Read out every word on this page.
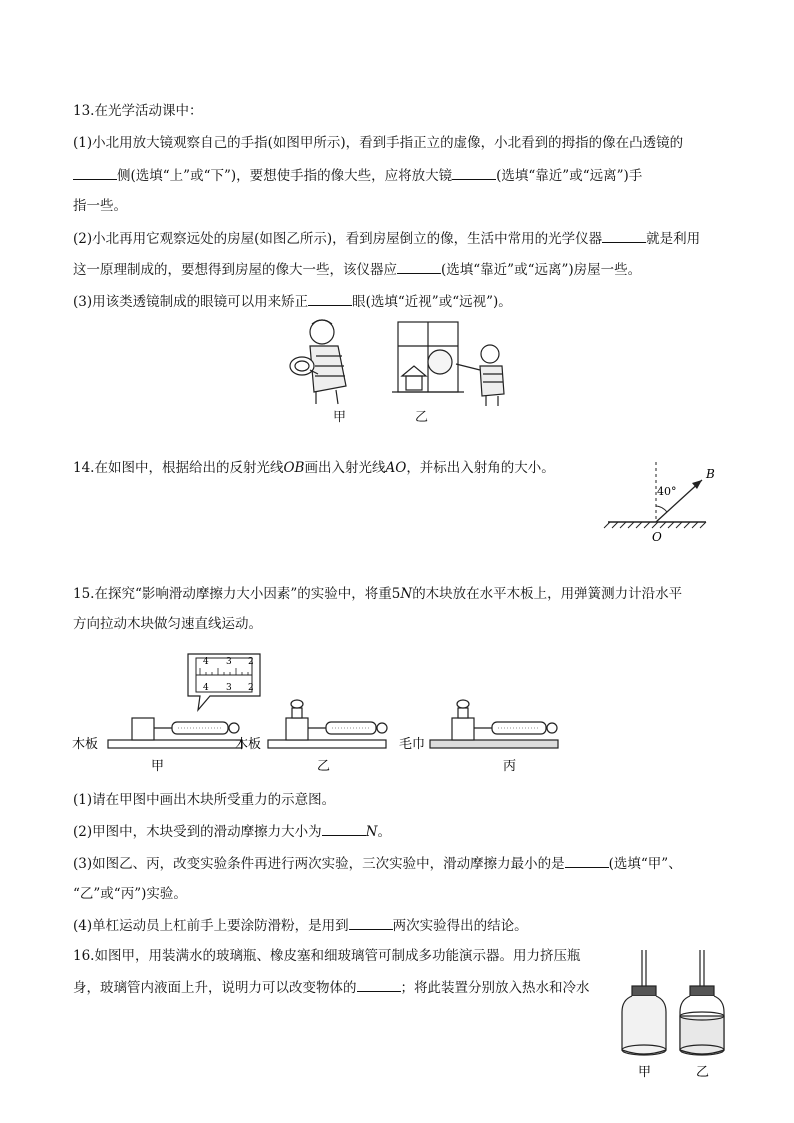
13.在光学活动课中：
(1)小北用放大镜观察自己的手指(如图甲所示)，看到手指正立的虚像，小北看到的拇指的像在凸透镜的
侧(选填“上”或“下”)，要想使手指的像大些，应将放大镜	(选填“靠近”或“远离”)手
指一些。
(2)小北再用它观察远处的房屋(如图乙所示)，看到房屋倒立的像，生活中常用的光学仪器	就是利用
这一原理制成的，要想得到房屋的像大一些，该仪器应	(选填“靠近”或“远离”)房屋一些。
(3)用该类透镜制成的眼镜可以用来矫正	眼(选填“近视”或“远视”)。
甲	乙
14.在如图中，根据给出的反射光线OB画出入射光线AO，并标出入射角的大小。
40°
B
O
15.在探究“影响滑动摩擦力大小因素”的实验中，将重5N的木块放在水平木板上，用弹簧测力计沿水平
方向拉动木块做匀速直线运动。
2
3
4
2
3
4
木板	木板	毛巾
甲	乙	丙
(1)请在甲图中画出木块所受重力的示意图。
(2)甲图中，木块受到的滑动摩擦力大小为	N。
(3)如图乙、丙，改变实验条件再进行两次实验，三次实验中，滑动摩擦力最小的是	(选填“甲”、
“乙”或“丙”)实验。
(4)单杠运动员上杠前手上要涂防滑粉，是用到	两次实验得出的结论。
16.如图甲，用装满水的玻璃瓶、橡皮塞和细玻璃管可制成多功能演示器。用力挤压瓶
身，玻璃管内液面上升，说明力可以改变物体的	；将此装置分别放入热水和冷水
甲	乙
